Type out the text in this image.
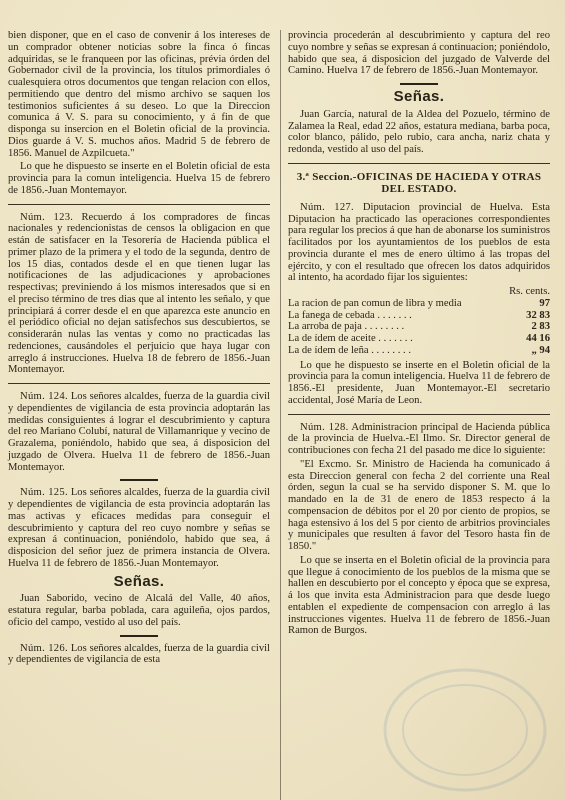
bien disponer, que en el caso de convenir á los intereses de un comprador obtener noticias sobre la finca ó fincas adquiridas, se le franqueen por las oficinas, prévia órden del Gobernador civil de la provincia, los títulos primordiales ó cualesquiera otros documentos que tengan relacion con ellos, permitiendo que dentro del mismo archivo se saquen los testimonios suficientes á su deseo. Lo que la Direccion comunica á V. S. para su conocimiento, y á fin de que disponga su insercion en el Boletin oficial de la provincia. Dios guarde á V. S. muchos años. Madrid 5 de febrero de 1856. Manuel de Azpilcueta."

Lo que he dispuesto se inserte en el Boletin oficial de esta provincia para la comun inteligencia. Huelva 15 de febrero de 1856.-Juan Montemayor.

Núm. 123. Recuerdo á los compradores de fincas nacionales y redencionistas de censos la obligacion en que están de satisfacer en la Tesorería de Hacienda pública el primer plazo de la primera y el todo de la segunda, dentro de los 15 dias, contados desde el en que tienen lugar las notificaciones de las adjudicaciones y aprobaciones respectivas; previniendo á los mismos interesados que si en el preciso término de tres dias que al intento les señalo, y que principiará á correr desde el en que aparezca este anuncio en el periódico oficial no dejan satisfechos sus descubiertos, se considerarán nulas las ventas y como no practicadas las redenciones, causándoles el perjuicio que haya lugar con arreglo á instrucciones. Huelva 18 de febrero de 1856.-Juan Montemayor.

Núm. 124. Los señores alcaldes, fuerza de la guardia civil y dependientes de vigilancia de esta provincia adoptarán las medidas consiguientes á lograr el descubrimiento y captura del reo Mariano Colubí, natural de Villamanrique y vecino de Grazalema, poniéndolo, habido que sea, á disposicion del juzgado de Olvera. Huelva 11 de febrero de 1856.-Juan Montemayor.

Núm. 125. Los señores alcaldes, fuerza de la guardia civil y dependientes de vigilancia de esta provincia adoptarán las mas activas y eficaces medidas para conseguir el descubrimiento y captura del reo cuyo nombre y señas se expresan á continuacion, poniéndolo, habido que sea, á disposicion del señor juez de primera instancia de Olvera. Huelva 11 de febrero de 1856.-Juan Montemayor.

Señas.

Juan Saborido, vecino de Alcalá del Valle, 40 años, estatura regular, barba poblada, cara aguileña, ojos pardos, oficio del campo, vestido al uso del país.

Núm. 126. Los señores alcaldes, fuerza de la guardia civil y dependientes de vigilancia de esta

provincia procederán al descubrimiento y captura del reo cuyo nombre y señas se expresan á continuacion; poniéndolo, habido que sea, á disposicion del juzgado de Valverde del Camino. Huelva 17 de febrero de 1856.-Juan Montemayor.

Señas.

Juan García, natural de la Aldea del Pozuelo, término de Zalamea la Real, edad 22 años, estatura mediana, barba poca, color blanco, pálido, pelo rubio, cara ancha, nariz chata y redonda, vestido al uso del país.

3.ª Seccion.-OFICINAS DE HACIEDA Y OTRAS DEL ESTADO.

Núm. 127. Diputacion provincial de Huelva. Esta Diputacion ha practicado las operaciones correspondientes para regular los precios á que han de abonarse los suministros facilitados por los ayuntamientos de los pueblos de esta provincia durante el mes de enero último á las tropas del ejército, y con el resultado que ofrecen los datos adquiridos al intento, ha acordado fijar los siguientes:

Rs. cents.

La racion de pan comun de libra y media	97
La fanega de cebada . . . . . . .	32 83
La arroba de paja . . . . . . . .	2 83
La de ídem de aceite . . . . . . .	44 16
La de ídem de leña . . . . . . . .	„ 94

Lo que he dispuesto se inserte en el Boletin oficial de la provincia para la comun inteligencia. Huelva 11 de febrero de 1856.-El presidente, Juan Montemayor.-El secretario accidental, José María de Leon.

Núm. 128. Administracion principal de Hacienda pública de la provincia de Huelva.-El Ilmo. Sr. Director general de contribuciones con fecha 21 del pasado me dice lo siguiente:

"El Excmo. Sr. Ministro de Hacienda ha comunicado á esta Direccion general con fecha 2 del corriente una Real órden, segun la cual se ha servido disponer S. M. que lo mandado en la de 31 de enero de 1853 respecto á la compensacion de débitos por el 20 por ciento de propios, se haga estensivo á los del 5 por ciento de arbitrios provinciales y municipales que resulten á favor del Tesoro hasta fin de 1850."

Lo que se inserta en el Boletin oficial de la provincia para que llegue á conocimiento de los pueblos de la misma que se hallen en descubierto por el concepto y época que se expresa, á los que invita esta Administracion para que desde luego entablen el expediente de compensacion con arreglo á las instrucciones vigentes. Huelva 11 de febrero de 1856.-Juan Ramon de Burgos.
